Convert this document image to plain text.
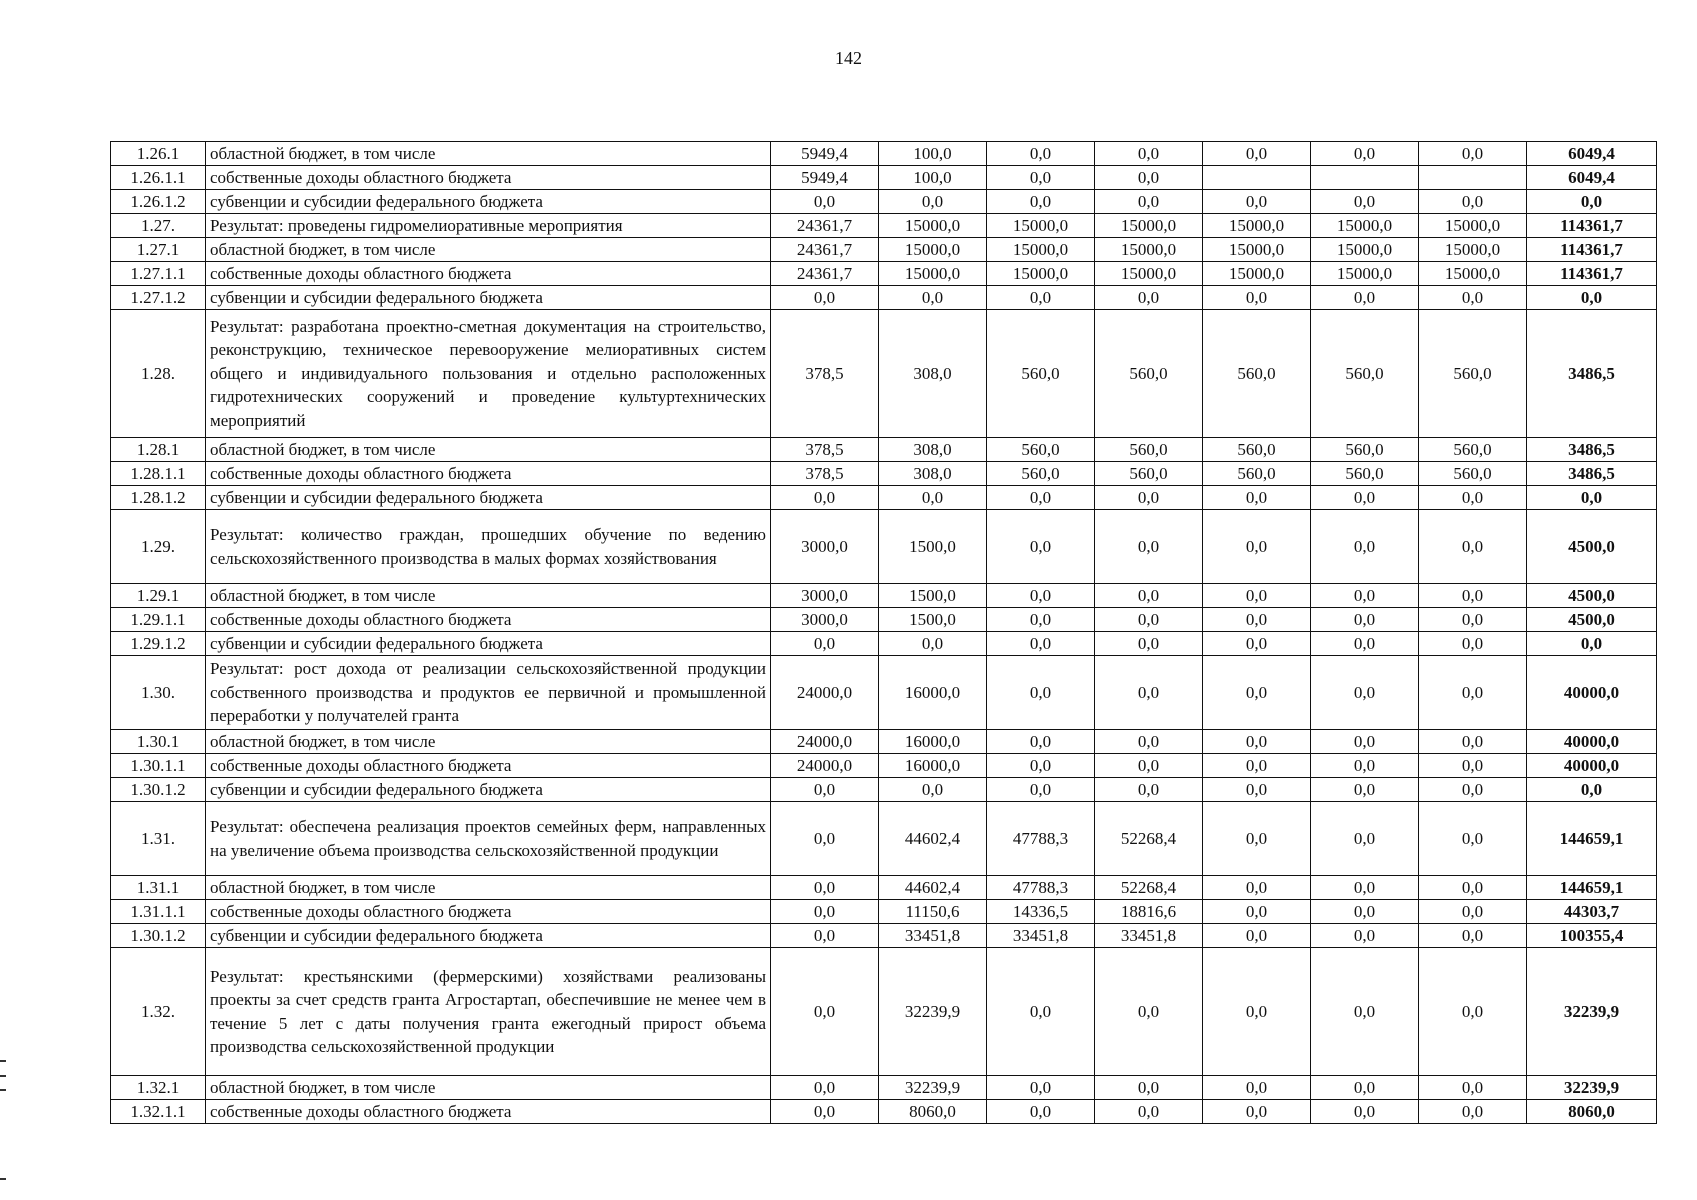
142
1.26.1	областной бюджет, в том числе	5949,4	100,0	0,0	0,0	0,0	0,0	0,0	6049,4
1.26.1.1	собственные доходы областного бюджета	5949,4	100,0	0,0	0,0				6049,4
1.26.1.2	субвенции и субсидии федерального бюджета	0,0	0,0	0,0	0,0	0,0	0,0	0,0	0,0
1.27.	Результат: проведены гидромелиоративные мероприятия	24361,7	15000,0	15000,0	15000,0	15000,0	15000,0	15000,0	114361,7
1.27.1	областной бюджет, в том числе	24361,7	15000,0	15000,0	15000,0	15000,0	15000,0	15000,0	114361,7
1.27.1.1	собственные доходы областного бюджета	24361,7	15000,0	15000,0	15000,0	15000,0	15000,0	15000,0	114361,7
1.27.1.2	субвенции и субсидии федерального бюджета	0,0	0,0	0,0	0,0	0,0	0,0	0,0	0,0
1.28.	Результат: разработана проектно-сметная документация на строительство, реконструкцию, техническое перевооружение мелиоративных систем общего и индивидуального пользования и отдельно расположенных гидротехнических сооружений и проведение культуртехнических мероприятий	378,5	308,0	560,0	560,0	560,0	560,0	560,0	3486,5
1.28.1	областной бюджет, в том числе	378,5	308,0	560,0	560,0	560,0	560,0	560,0	3486,5
1.28.1.1	собственные доходы областного бюджета	378,5	308,0	560,0	560,0	560,0	560,0	560,0	3486,5
1.28.1.2	субвенции и субсидии федерального бюджета	0,0	0,0	0,0	0,0	0,0	0,0	0,0	0,0
1.29.	Результат: количество граждан, прошедших обучение по ведению сельскохозяйственного производства в малых формах хозяйствования	3000,0	1500,0	0,0	0,0	0,0	0,0	0,0	4500,0
1.29.1	областной бюджет, в том числе	3000,0	1500,0	0,0	0,0	0,0	0,0	0,0	4500,0
1.29.1.1	собственные доходы областного бюджета	3000,0	1500,0	0,0	0,0	0,0	0,0	0,0	4500,0
1.29.1.2	субвенции и субсидии федерального бюджета	0,0	0,0	0,0	0,0	0,0	0,0	0,0	0,0
1.30.	Результат: рост дохода от реализации сельскохозяйственной продукции собственного производства и продуктов ее первичной и промышленной переработки у получателей гранта	24000,0	16000,0	0,0	0,0	0,0	0,0	0,0	40000,0
1.30.1	областной бюджет, в том числе	24000,0	16000,0	0,0	0,0	0,0	0,0	0,0	40000,0
1.30.1.1	собственные доходы областного бюджета	24000,0	16000,0	0,0	0,0	0,0	0,0	0,0	40000,0
1.30.1.2	субвенции и субсидии федерального бюджета	0,0	0,0	0,0	0,0	0,0	0,0	0,0	0,0
1.31.	Результат: обеспечена реализация проектов семейных ферм, направленных на увеличение объема производства сельскохозяйственной продукции	0,0	44602,4	47788,3	52268,4	0,0	0,0	0,0	144659,1
1.31.1	областной бюджет, в том числе	0,0	44602,4	47788,3	52268,4	0,0	0,0	0,0	144659,1
1.31.1.1	собственные доходы областного бюджета	0,0	11150,6	14336,5	18816,6	0,0	0,0	0,0	44303,7
1.30.1.2	субвенции и субсидии федерального бюджета	0,0	33451,8	33451,8	33451,8	0,0	0,0	0,0	100355,4
1.32.	Результат: крестьянскими (фермерскими) хозяйствами реализованы проекты за счет средств гранта Агростартап, обеспечившие не менее чем в течение 5 лет с даты получения гранта ежегодный прирост объема производства сельскохозяйственной продукции	0,0	32239,9	0,0	0,0	0,0	0,0	0,0	32239,9
1.32.1	областной бюджет, в том числе	0,0	32239,9	0,0	0,0	0,0	0,0	0,0	32239,9
1.32.1.1	собственные доходы областного бюджета	0,0	8060,0	0,0	0,0	0,0	0,0	0,0	8060,0
